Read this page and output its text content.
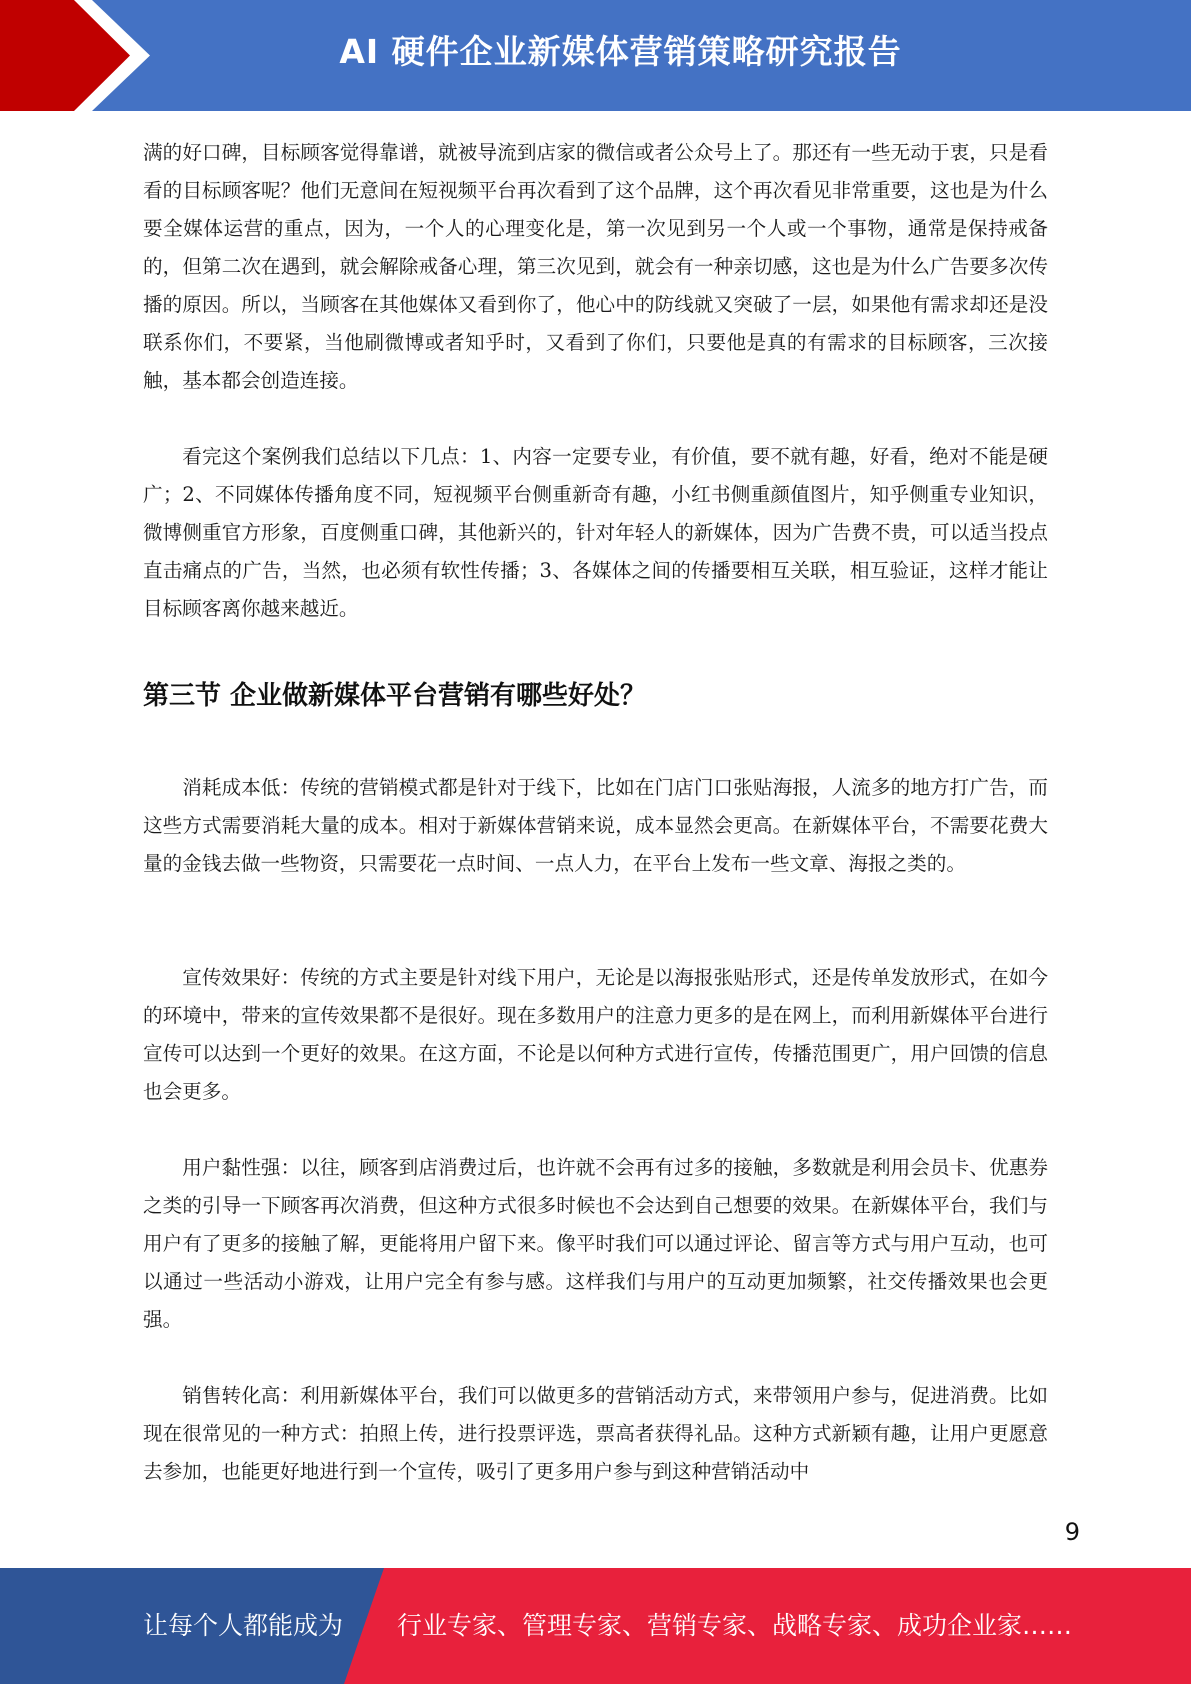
AI 硬件企业新媒体营销策略研究报告

满的好口碑，目标顾客觉得靠谱，就被导流到店家的微信或者公众号上了。那还有一些无动于衷，只是看看的目标顾客呢？他们无意间在短视频平台再次看到了这个品牌，这个再次看见非常重要，这也是为什么要全媒体运营的重点，因为，一个人的心理变化是，第一次见到另一个人或一个事物，通常是保持戒备的，但第二次在遇到，就会解除戒备心理，第三次见到，就会有一种亲切感，这也是为什么广告要多次传播的原因。所以，当顾客在其他媒体又看到你了，他心中的防线就又突破了一层，如果他有需求却还是没联系你们，不要紧，当他刷微博或者知乎时，又看到了你们，只要他是真的有需求的目标顾客，三次接触，基本都会创造连接。

看完这个案例我们总结以下几点：1、内容一定要专业，有价值，要不就有趣，好看，绝对不能是硬广；2、不同媒体传播角度不同，短视频平台侧重新奇有趣，小红书侧重颜值图片，知乎侧重专业知识，微博侧重官方形象，百度侧重口碑，其他新兴的，针对年轻人的新媒体，因为广告费不贵，可以适当投点直击痛点的广告，当然，也必须有软性传播；3、各媒体之间的传播要相互关联，相互验证，这样才能让目标顾客离你越来越近。

第三节 企业做新媒体平台营销有哪些好处？

消耗成本低：传统的营销模式都是针对于线下，比如在门店门口张贴海报，人流多的地方打广告，而这些方式需要消耗大量的成本。相对于新媒体营销来说，成本显然会更高。在新媒体平台，不需要花费大量的金钱去做一些物资，只需要花一点时间、一点人力，在平台上发布一些文章、海报之类的。

宣传效果好：传统的方式主要是针对线下用户，无论是以海报张贴形式，还是传单发放形式，在如今的环境中，带来的宣传效果都不是很好。现在多数用户的注意力更多的是在网上，而利用新媒体平台进行宣传可以达到一个更好的效果。在这方面，不论是以何种方式进行宣传，传播范围更广，用户回馈的信息也会更多。

用户黏性强：以往，顾客到店消费过后，也许就不会再有过多的接触，多数就是利用会员卡、优惠券之类的引导一下顾客再次消费，但这种方式很多时候也不会达到自己想要的效果。在新媒体平台，我们与用户有了更多的接触了解，更能将用户留下来。像平时我们可以通过评论、留言等方式与用户互动，也可以通过一些活动小游戏，让用户完全有参与感。这样我们与用户的互动更加频繁，社交传播效果也会更强。

销售转化高：利用新媒体平台，我们可以做更多的营销活动方式，来带领用户参与，促进消费。比如现在很常见的一种方式：拍照上传，进行投票评选，票高者获得礼品。这种方式新颖有趣，让用户更愿意去参加，也能更好地进行到一个宣传，吸引了更多用户参与到这种营销活动中

9
让每个人都能成为 行业专家、管理专家、营销专家、战略专家、成功企业家……
